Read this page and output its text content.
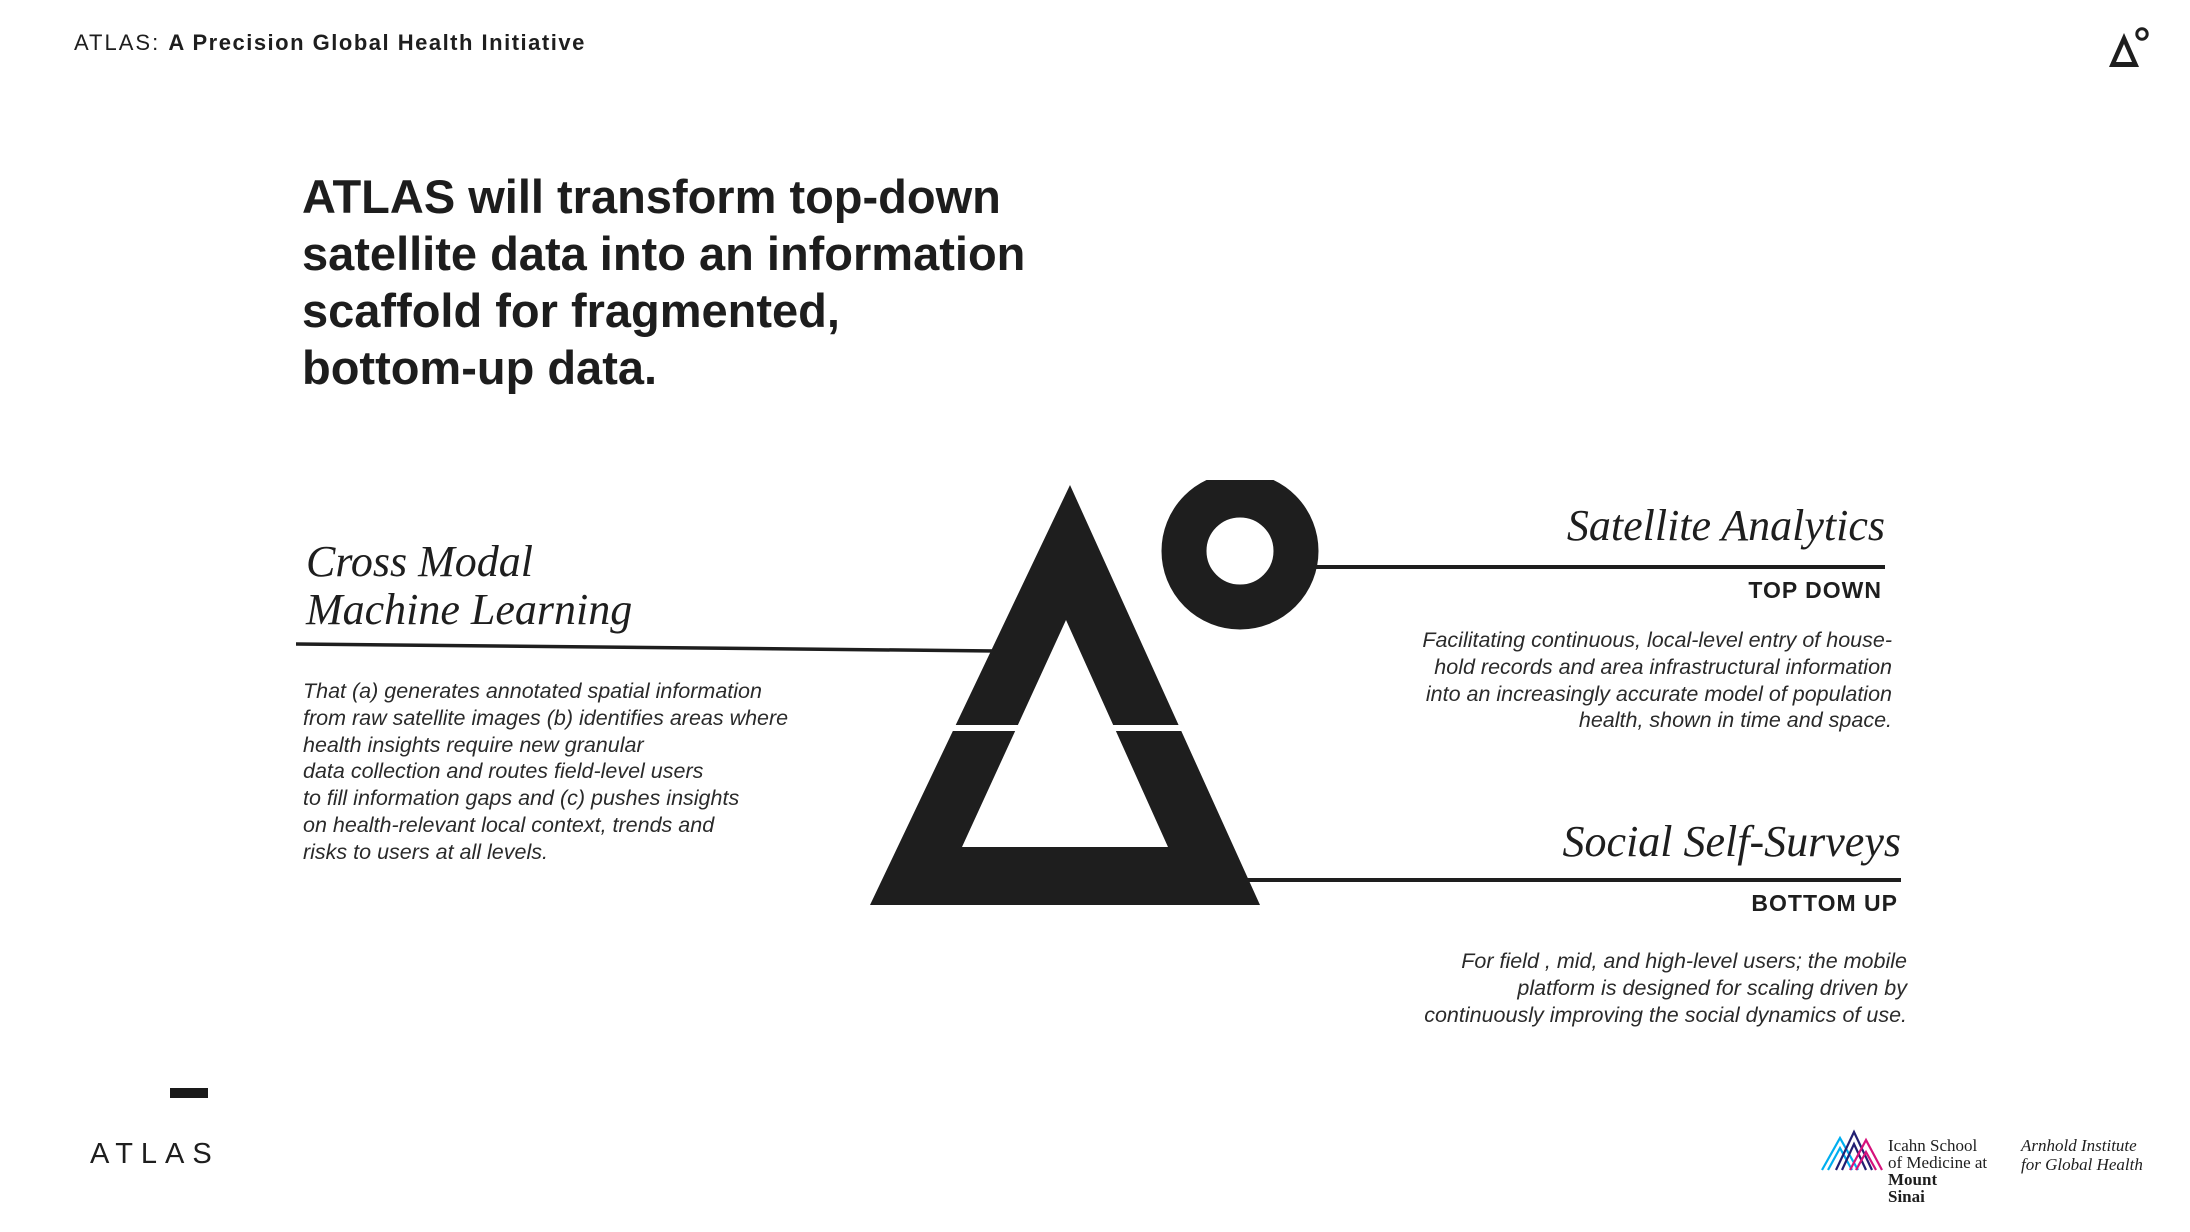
ATLAS: A Precision Global Health Initiative
ATLAS will transform top-down
satellite data into an information
scaffold for fragmented,
bottom-up data.
Cross Modal
Machine Learning
That (a) generates annotated spatial information
from raw satellite images (b) identifies areas where
health insights require new granular
data collection and routes field-level users
to fill information gaps and (c) pushes insights
on health-relevant local context, trends and
risks to users at all levels.
Satellite Analytics
TOP DOWN
Facilitating continuous, local-level entry of house-
hold records and area infrastructural information
into an increasingly accurate model of population
health, shown in time and space.
Social Self-Surveys
BOTTOM UP
For field , mid, and high-level users; the mobile
platform is designed for scaling driven by
continuously improving the social dynamics of use.
ATLAS	Icahn School
of Medicine at
Mount
Sinai
Arnhold Institute
for Global Health
